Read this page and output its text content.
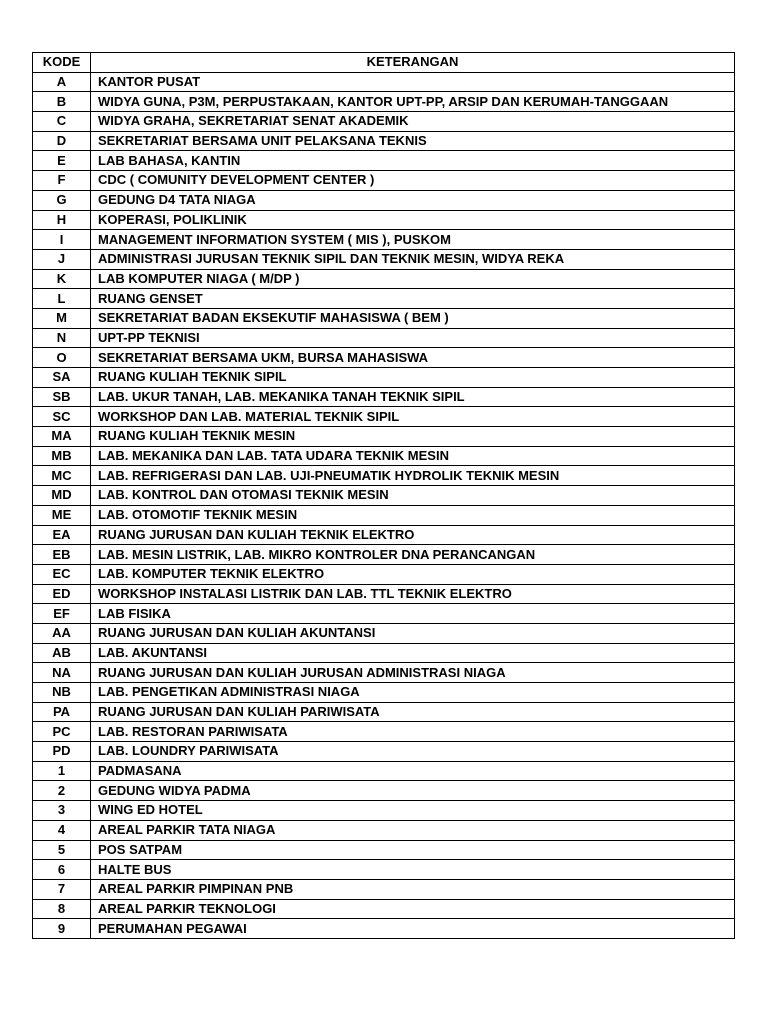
KODE	KETERANGAN
A	KANTOR PUSAT
B	WIDYA GUNA, P3M, PERPUSTAKAAN, KANTOR UPT-PP, ARSIP DAN KERUMAH-TANGGAAN
C	WIDYA GRAHA, SEKRETARIAT SENAT AKADEMIK
D	SEKRETARIAT BERSAMA UNIT PELAKSANA TEKNIS
E	LAB BAHASA, KANTIN
F	CDC ( COMUNITY DEVELOPMENT CENTER )
G	GEDUNG D4 TATA NIAGA
H	KOPERASI, POLIKLINIK
I	MANAGEMENT INFORMATION SYSTEM ( MIS ), PUSKOM
J	ADMINISTRASI JURUSAN TEKNIK SIPIL DAN TEKNIK MESIN, WIDYA REKA
K	LAB KOMPUTER NIAGA ( M/DP )
L	RUANG GENSET
M	SEKRETARIAT BADAN EKSEKUTIF MAHASISWA ( BEM )
N	UPT-PP TEKNISI
O	SEKRETARIAT BERSAMA UKM, BURSA MAHASISWA
SA	RUANG KULIAH TEKNIK SIPIL
SB	LAB. UKUR TANAH, LAB. MEKANIKA TANAH TEKNIK SIPIL
SC	WORKSHOP DAN LAB. MATERIAL TEKNIK SIPIL
MA	RUANG KULIAH TEKNIK MESIN
MB	LAB. MEKANIKA DAN LAB. TATA UDARA TEKNIK MESIN
MC	LAB. REFRIGERASI DAN LAB. UJI-PNEUMATIK HYDROLIK TEKNIK MESIN
MD	LAB. KONTROL DAN OTOMASI TEKNIK MESIN
ME	LAB. OTOMOTIF TEKNIK MESIN
EA	RUANG JURUSAN DAN KULIAH TEKNIK ELEKTRO
EB	LAB. MESIN LISTRIK, LAB. MIKRO KONTROLER DNA PERANCANGAN
EC	LAB. KOMPUTER TEKNIK ELEKTRO
ED	WORKSHOP INSTALASI LISTRIK DAN LAB. TTL TEKNIK ELEKTRO
EF	LAB FISIKA
AA	RUANG JURUSAN DAN KULIAH AKUNTANSI
AB	LAB. AKUNTANSI
NA	RUANG JURUSAN DAN KULIAH JURUSAN ADMINISTRASI NIAGA
NB	LAB. PENGETIKAN ADMINISTRASI NIAGA
PA	RUANG JURUSAN DAN KULIAH PARIWISATA
PC	LAB. RESTORAN PARIWISATA
PD	LAB. LOUNDRY PARIWISATA
1	PADMASANA
2	GEDUNG WIDYA PADMA
3	WING ED HOTEL
4	AREAL PARKIR TATA NIAGA
5	POS SATPAM
6	HALTE BUS
7	AREAL PARKIR PIMPINAN PNB
8	AREAL PARKIR TEKNOLOGI
9	PERUMAHAN PEGAWAI
